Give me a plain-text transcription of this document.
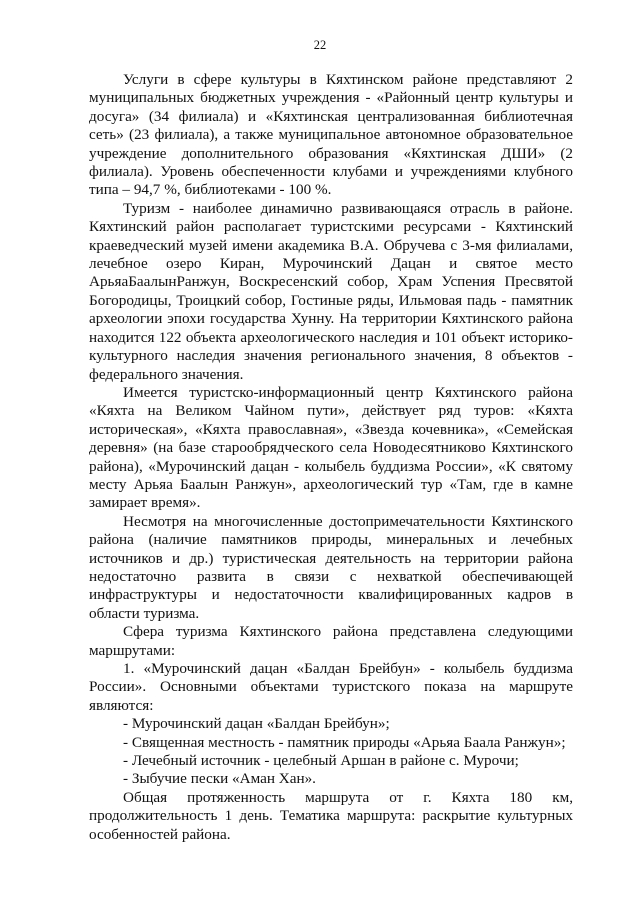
22

Услуги в сфере культуры в Кяхтинском районе представляют 2 муниципальных бюджетных учреждения - «Районный центр культуры и досуга» (34 филиала) и «Кяхтинская централизованная библиотечная сеть» (23 филиала), а также муниципальное автономное образовательное учреждение дополнительного образования «Кяхтинская ДШИ» (2 филиала). Уровень обеспеченности клубами и учреждениями клубного типа – 94,7 %, библиотеками - 100 %.

Туризм - наиболее динамично развивающаяся отрасль в районе. Кяхтинский район располагает туристскими ресурсами - Кяхтинский краеведческий музей имени академика В.А. Обручева с 3-мя филиалами, лечебное озеро Киран, Мурочинский Дацан и святое место АрьяаБаалынРанжун, Воскресенский собор, Храм Успения Пресвятой Богородицы, Троицкий собор, Гостиные ряды, Ильмовая падь - памятник археологии эпохи государства Хунну. На территории Кяхтинского района находится 122 объекта археологического наследия и 101 объект историко-культурного наследия значения регионального значения, 8 объектов - федерального значения.

Имеется туристско-информационный центр Кяхтинского района «Кяхта на Великом Чайном пути», действует ряд туров: «Кяхта историческая», «Кяхта православная», «Звезда кочевника», «Семейская деревня» (на базе старообрядческого села Новодесятниково Кяхтинского района), «Мурочинский дацан - колыбель буддизма России», «К святому месту Арьяа Баалын Ранжун», археологический тур «Там, где в камне замирает время».

Несмотря на многочисленные достопримечательности Кяхтинского района (наличие памятников природы, минеральных и лечебных источников и др.) туристическая деятельность на территории района недостаточно развита в связи с нехваткой обеспечивающей инфраструктуры и недостаточности квалифицированных кадров в области туризма.

Сфера туризма Кяхтинского района представлена следующими маршрутами:

1. «Мурочинский дацан «Балдан Брейбун» - колыбель буддизма России». Основными объектами туристского показа на маршруте являются:

- Мурочинский дацан «Балдан Брейбун»;

- Священная местность - памятник природы «Арьяа Баала Ранжун»;

- Лечебный источник - целебный Аршан в районе с. Мурочи;

- Зыбучие пески «Аман Хан».

Общая протяженность маршрута от г. Кяхта 180 км, продолжительность 1 день. Тематика маршрута: раскрытие культурных особенностей района.
